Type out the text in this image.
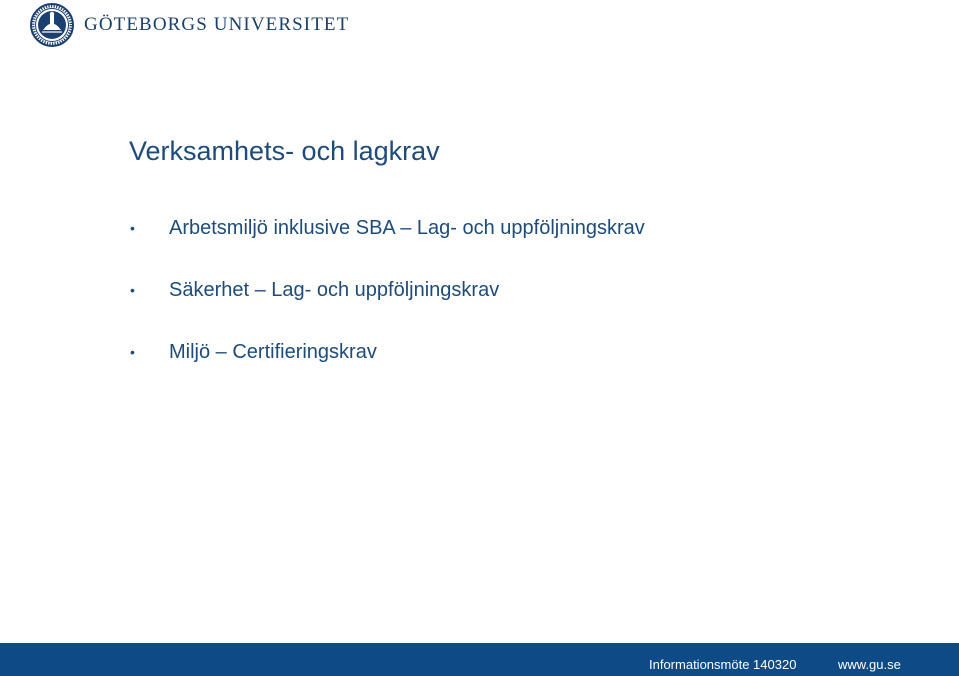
GÖTEBORGS UNIVERSITET
Verksamhets- och lagkrav
• Arbetsmiljö inklusive SBA – Lag- och uppföljningskrav
• Säkerhet – Lag- och uppföljningskrav
• Miljö – Certifieringskrav
Informationsmöte 140320	www.gu.se
